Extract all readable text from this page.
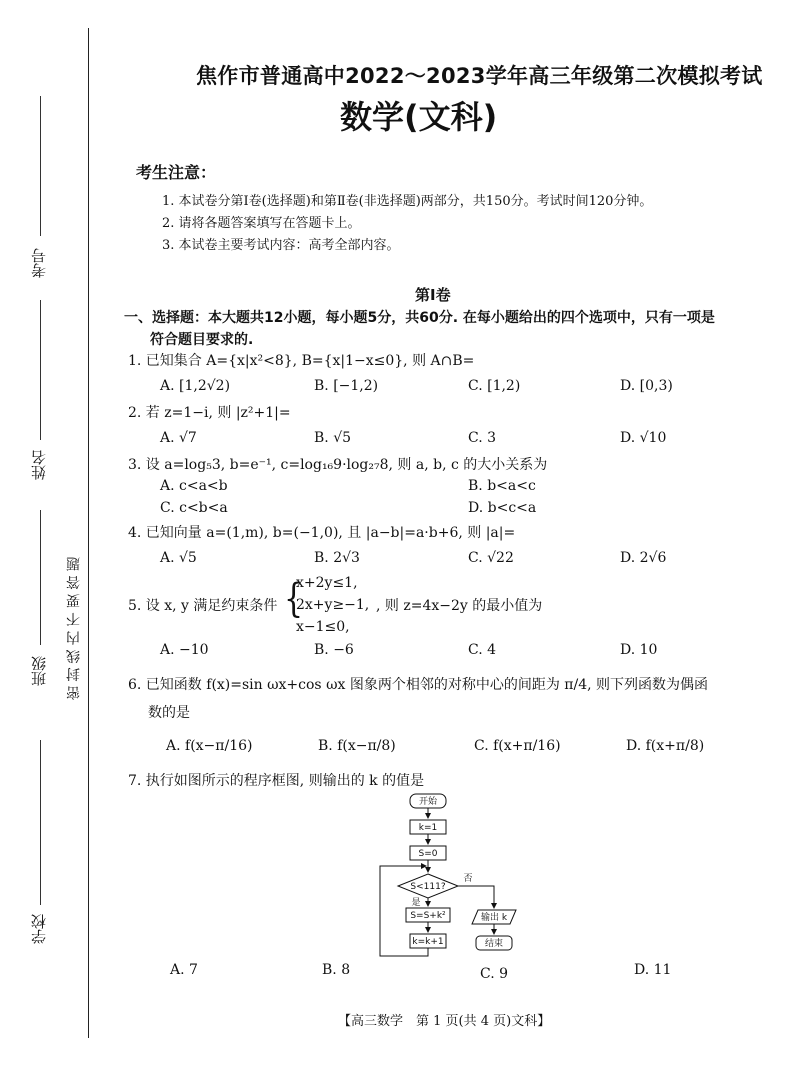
考号
姓名
班级
学校
密 封 线 内 不 要 答 题
焦作市普通高中2022～2023学年高三年级第二次模拟考试
数学(文科)
考生注意：
1. 本试卷分第Ⅰ卷(选择题)和第Ⅱ卷(非选择题)两部分，共150分。考试时间120分钟。
2. 请将各题答案填写在答题卡上。
3. 本试卷主要考试内容：高考全部内容。
第Ⅰ卷
一、选择题：本大题共12小题，每小题5分，共60分. 在每小题给出的四个选项中，只有一项是
符合题目要求的.
1. 已知集合 A={x|x²<8}, B={x|1−x≤0}, 则 A∩B=
A. [1,2√2)	B. [−1,2)	C. [1,2)	D. [0,3)
2. 若 z=1−i, 则 |z²+1|=
A. √7	B. √5	C. 3	D. √10
3. 设 a=log₅3, b=e⁻¹, c=log₁₆9·log₂₇8, 则 a, b, c 的大小关系为
A. c<a<b	B. b<a<c
C. c<b<a	D. b<c<a
4. 已知向量 a=(1,m), b=(−1,0), 且 |a−b|=a·b+6, 则 |a|=
A. √5	B. 2√3	C. √22	D. 2√6
5. 设 x, y 满足约束条件 {
x+2y≤1,
2x+y≥−1,
x−1≤0,
, 则 z=4x−2y 的最小值为
A. −10	B. −6	C. 4	D. 10
6. 已知函数 f(x)=sin ωx+cos ωx 图象两个相邻的对称中心的间距为 π/4, 则下列函数为偶函
数的是
A. f(x−π/16)	B. f(x−π/8)	C. f(x+π/16)	D. f(x+π/8)
7. 执行如图所示的程序框图, 则输出的 k 的值是
开始
k=1
S=0
S<111?
否
是
S=S+k²
k=k+1
输出 k
结束
A. 7	B. 8	C. 9	D. 11
【高三数学　第 1 页(共 4 页)文科】
